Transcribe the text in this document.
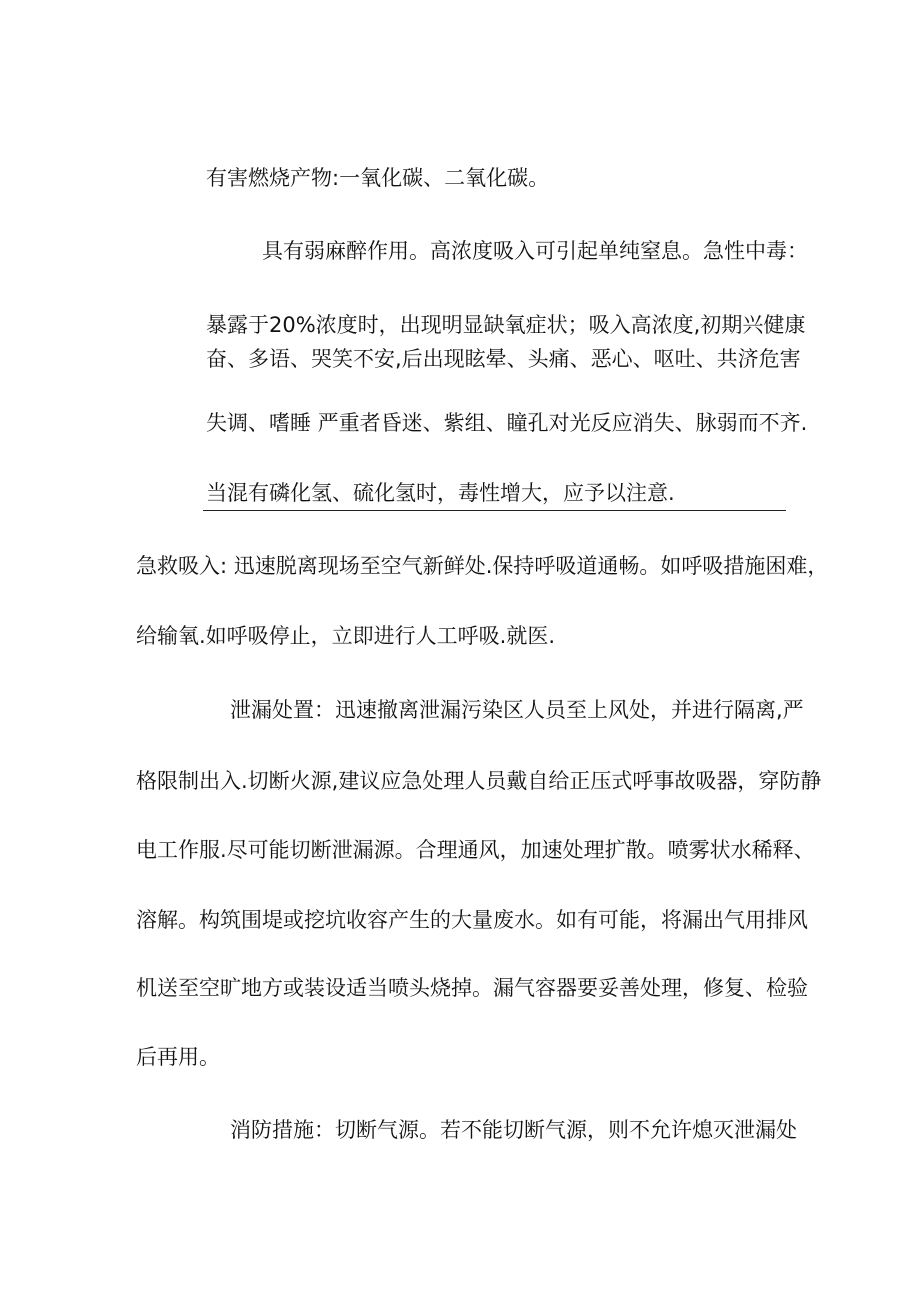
有害燃烧产物:一氧化碳、二氧化碳。
具有弱麻醉作用。高浓度吸入可引起单纯窒息。急性中毒：
暴露于20%浓度时，出现明显缺氧症状；吸入高浓度,初期兴健康
奋、多语、哭笑不安,后出现眩晕、头痛、恶心、呕吐、共济危害
失调、嗜睡 严重者昏迷、紫组、瞳孔对光反应消失、脉弱而不齐.
当混有磷化氢、硫化氢时，毒性增大，应予以注意.
急救吸入: 迅速脱离现场至空气新鲜处.保持呼吸道通畅。如呼吸措施困难，
给输氧.如呼吸停止，立即进行人工呼吸.就医.
泄漏处置：迅速撤离泄漏污染区人员至上风处，并进行隔离,严
格限制出入.切断火源,建议应急处理人员戴自给正压式呼事故吸器，穿防静
电工作服.尽可能切断泄漏源。合理通风，加速处理扩散。喷雾状水稀释、
溶解。构筑围堤或挖坑收容产生的大量废水。如有可能，将漏出气用排风
机送至空旷地方或装设适当喷头烧掉。漏气容器要妥善处理，修复、检验
后再用。
消防措施：切断气源。若不能切断气源，则不允许熄灭泄漏处
